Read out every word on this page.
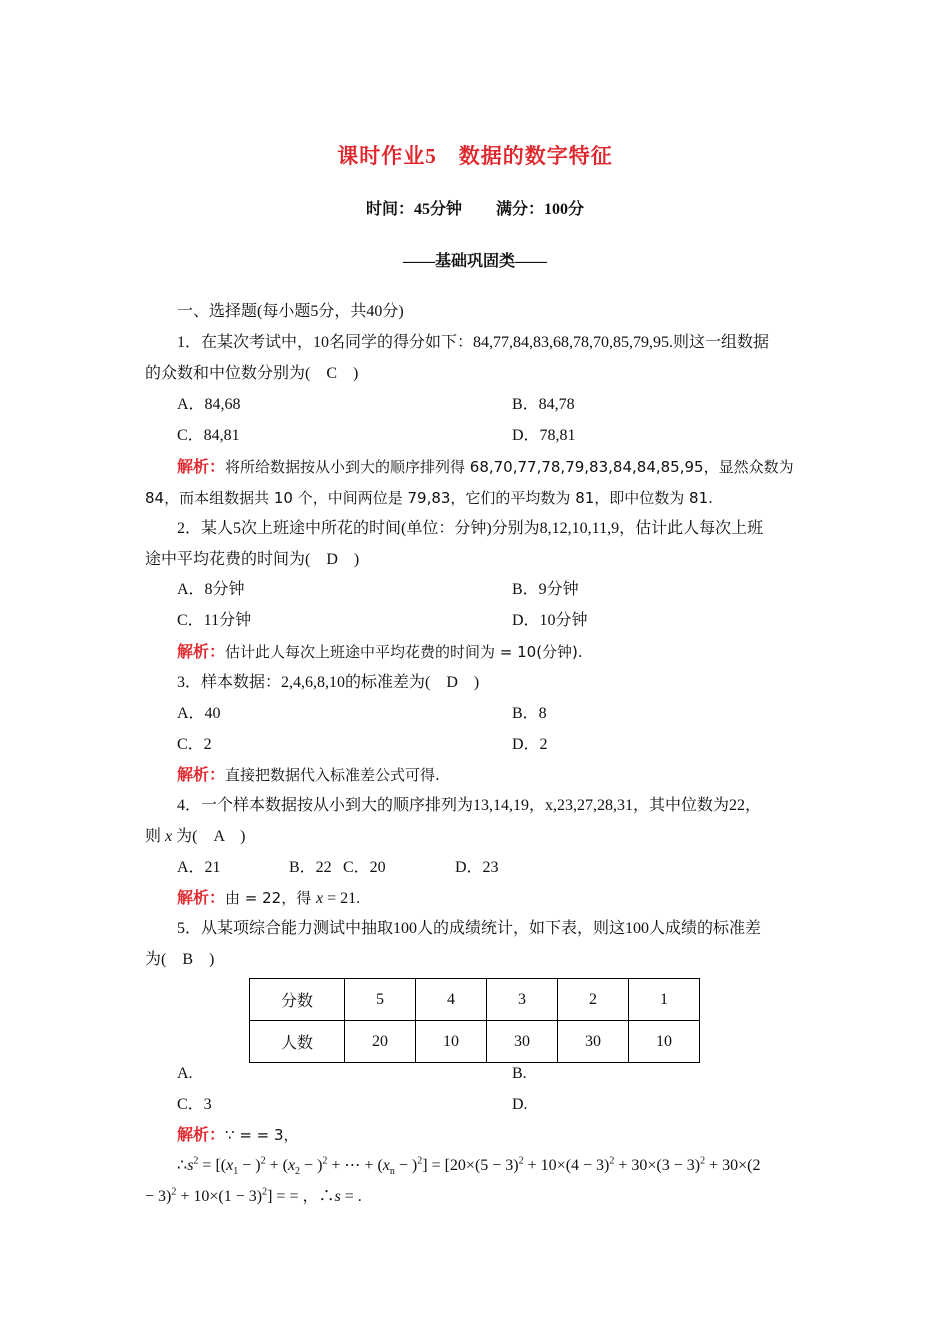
课时作业5　数据的数字特征
时间：45分钟 满分：100分
——基础巩固类——
一、选择题(每小题5分，共40分)
1．在某次考试中，10名同学的得分如下：84,77,84,83,68,78,70,85,79,95.则这一组数据
的众数和中位数分别为(　C　)
A．84,68	B．84,78
C．84,81	D．78,81
解析：将所给数据按从小到大的顺序排列得 68,70,77,78,79,83,84,84,85,95，显然众数为
84，而本组数据共 10 个，中间两位是 79,83，它们的平均数为 81，即中位数为 81.
2．某人5次上班途中所花的时间(单位：分钟)分别为8,12,10,11,9，估计此人每次上班
途中平均花费的时间为(　D　)
A．8分钟	B．9分钟
C．11分钟	D．10分钟
解析：估计此人每次上班途中平均花费的时间为 = 10(分钟).
3．样本数据：2,4,6,8,10的标准差为(　D　)
A．40	B．8
C．2	D．2
解析：直接把数据代入标准差公式可得.
4．一个样本数据按从小到大的顺序排列为13,14,19，x,23,27,28,31，其中位数为22，
则 x 为(　A　)
A．21	B．22 C．20	D．23
解析：由 = 22，得 x = 21.
5．从某项综合能力测试中抽取100人的成绩统计，如下表，则这100人成绩的标准差
为(　B　)
分数	5	4	3	2	1
人数	20	10	30	30	10
A.	B.
C．3	D.
解析：∵ = = 3，
$\therefore s^2 = [(x_1 - )^2 + (x_2 - )^2$ + ⋯ + $(x_n - )^2] = [20\times(5 - 3)^2 + 10\times(4 - 3)^2 + 30\times(3 - 3)^2 + 30\times(2$
− $3)^2 + 10\times(1 - 3)^2$] = = ，∴s = .
